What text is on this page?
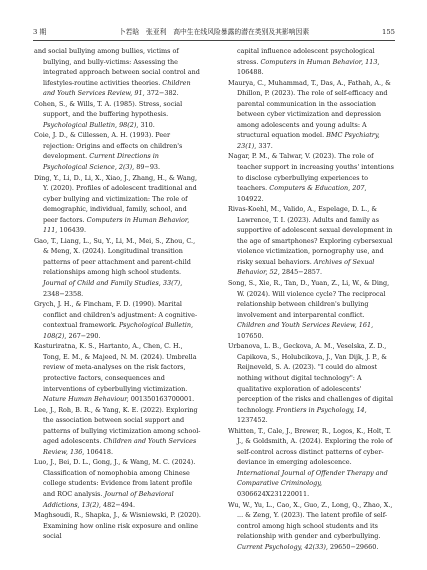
3 期	卜若晗　张亚利　高中生在线风险暴露的潜在类别及其影响因素	155

and social bullying among bullies, victims of bullying, and bully-victims: Assessing the integrated approach between social control and lifestyles-routine activities theories. Children and Youth Services Review, 91, 372−382.

Cohen, S., & Wills, T. A. (1985). Stress, social support, and the buffering hypothesis. Psychological Bulletin, 98(2), 310.

Coie, J. D., & Cillessen, A. H. (1993). Peer rejection: Origins and effects on children's development. Current Directions in Psychological Science, 2(3), 89−93.

Ding, Y., Li, D., Li, X., Xiao, J., Zhang, H., & Wang, Y. (2020). Profiles of adolescent traditional and cyber bullying and victimization: The role of demographic, individual, family, school, and peer factors. Computers in Human Behavior, 111, 106439.

Gao, T., Liang, L., Su, Y., Li, M., Mei, S., Zhou, C., & Meng, X. (2024). Longitudinal transition patterns of peer attachment and parent-child relationships among high school students. Journal of Child and Family Studies, 33(7), 2348−2358.

Grych, J. H., & Fincham, F. D. (1990). Marital conflict and children's adjustment: A cognitive-contextual framework. Psychological Bulletin, 108(2), 267−290.

Kasturiratna, K. S., Hartanto, A., Chen, C. H., Tong, E. M., & Majeed, N. M. (2024). Umbrella review of meta-analyses on the risk factors, protective factors, consequences and interventions of cyberbullying victimization. Nature Human Behaviour, 001350163700001.

Lee, J., Roh, B. R., & Yang, K. E. (2022). Exploring the association between social support and patterns of bullying victimization among school-aged adolescents. Children and Youth Services Review, 136, 106418.

Luo, J., Bei, D. L., Gong, J., & Wang, M. C. (2024). Classification of nomophobia among Chinese college students: Evidence from latent profile and ROC analysis. Journal of Behavioral Addictions, 13(2), 482−494.

Maghsoudi, R., Shapka, J., & Wisniewski, P. (2020). Examining how online risk exposure and online social

capital influence adolescent psychological stress. Computers in Human Behavior, 113, 106488.

Maurya, C., Muhammad, T., Das, A., Fathah, A., & Dhillon, P. (2023). The role of self-efficacy and parental communication in the association between cyber victimization and depression among adolescents and young adults: A structural equation model. BMC Psychiatry, 23(1), 337.

Nagar, P. M., & Talwar, V. (2023). The role of teacher support in increasing youths' intentions to disclose cyberbullying experiences to teachers. Computers & Education, 207, 104922.

Rivas-Koehl, M., Valido, A., Espelage, D. L., & Lawrence, T. I. (2023). Adults and family as supportive of adolescent sexual development in the age of smartphones? Exploring cybersexual violence victimization, pornography use, and risky sexual behaviors. Archives of Sexual Behavior, 52, 2845−2857.

Song, S., Xie, R., Tan, D., Yuan, Z., Li, W., & Ding, W. (2024). Will violence cycle? The reciprocal relationship between children's bullying involvement and interparental conflict. Children and Youth Services Review, 161, 107650.

Urbanova, L. B., Geckova, A. M., Veselska, Z. D., Capikova, S., Holubcikova, J., Van Dijk, J. P., & Reijneveld, S. A. (2023). "I could do almost nothing without digital technology": A qualitative exploration of adolescents' perception of the risks and challenges of digital technology. Frontiers in Psychology, 14, 1237452.

Whitten, T., Cale, J., Brewer, R., Logos, K., Holt, T. J., & Goldsmith, A. (2024). Exploring the role of self-control across distinct patterns of cyber-deviance in emerging adolescence. International Journal of Offender Therapy and Comparative Criminology, 0306624X231220011.

Wu, W., Yu, L., Cao, X., Guo, Z., Long, Q., Zhao, X., ... & Zeng, Y. (2023). The latent profile of self-control among high school students and its relationship with gender and cyberbullying. Current Psychology, 42(33), 29650−29660.
